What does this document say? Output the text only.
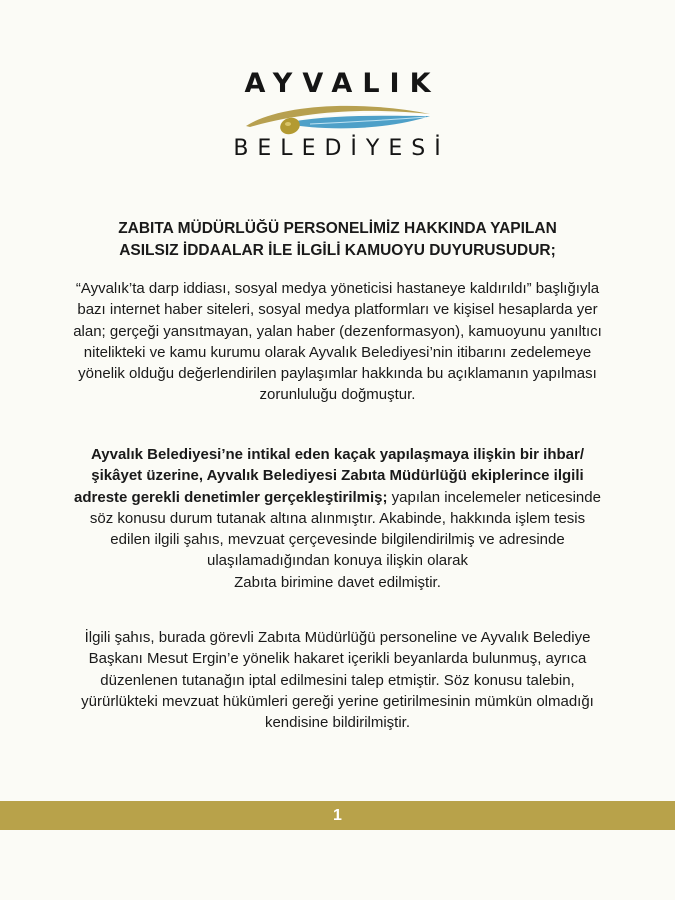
AYVALIK
BELEDİYESİ
ZABITA MÜDÜRLÜĞÜ PERSONELİMİZ HAKKINDA YAPILAN
ASILSIZ İDDAALAR İLE İLGİLİ KAMUOYU DUYURUSUDUR;

“Ayvalık’ta darp iddiası, sosyal medya yöneticisi hastaneye kaldırıldı” başlığıyla bazı internet haber siteleri, sosyal medya platformları ve kişisel hesaplarda yer alan; gerçeği yansıtmayan, yalan haber (dezenformasyon), kamuoyunu yanıltıcı nitelikteki ve kamu kurumu olarak Ayvalık Belediyesi’nin itibarını zedelemeye yönelik olduğu değerlendirilen paylaşımlar hakkında bu açıklamanın yapılması zorunluluğu doğmuştur.

Ayvalık Belediyesi’ne intikal eden kaçak yapılaşmaya ilişkin bir ihbar/şikâyet üzerine, Ayvalık Belediyesi Zabıta Müdürlüğü ekiplerince ilgili adreste gerekli denetimler gerçekleştirilmiş; yapılan incelemeler neticesinde söz konusu durum tutanak altına alınmıştır. Akabinde, hakkında işlem tesis edilen ilgili şahıs, mevzuat çerçevesinde bilgilendirilmiş ve adresinde ulaşılamadığından konuya ilişkin olarak
Zabıta birimine davet edilmiştir.

İlgili şahıs, burada görevli Zabıta Müdürlüğü personeline ve Ayvalık Belediye Başkanı Mesut Ergin’e yönelik hakaret içerikli beyanlarda bulunmuş, ayrıca düzenlenen tutanağın iptal edilmesini talep etmiştir. Söz konusu talebin, yürürlükteki mevzuat hükümleri gereği yerine getirilmesinin mümkün olmadığı kendisine bildirilmiştir.

1
